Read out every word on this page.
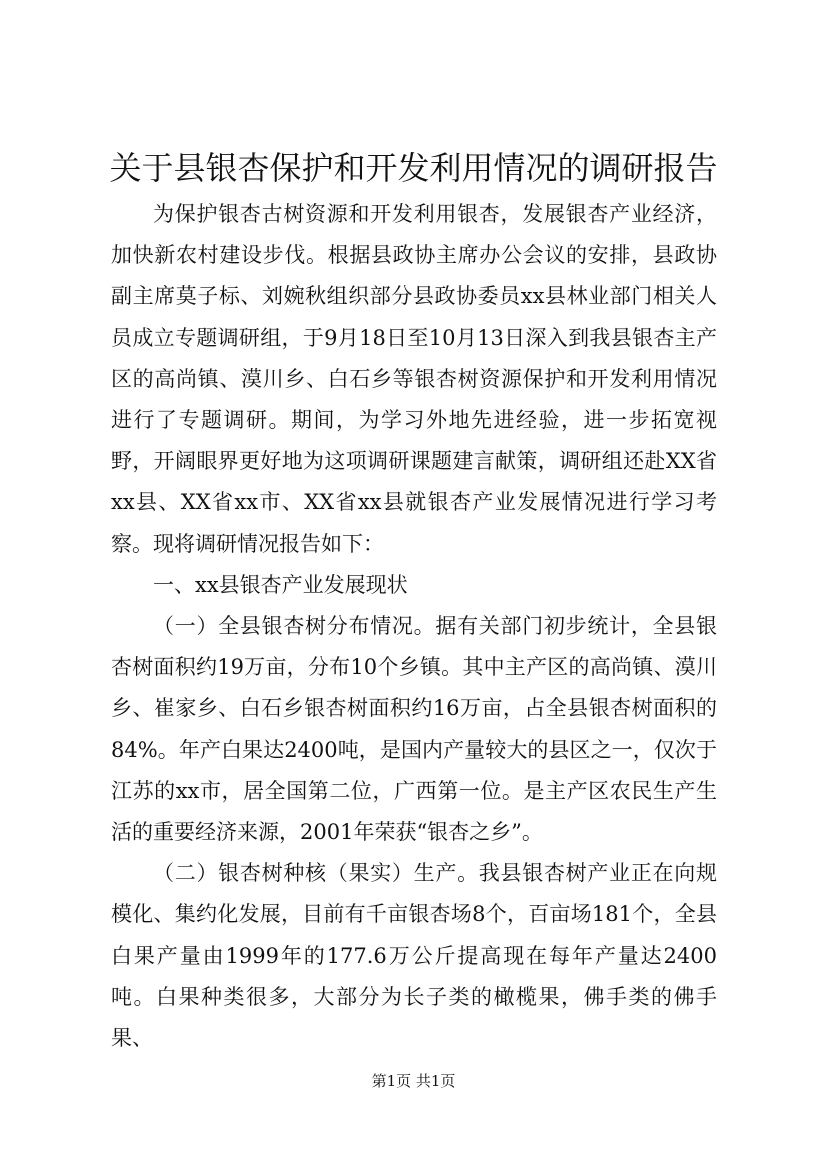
关于县银杏保护和开发利用情况的调研报告

为保护银杏古树资源和开发利用银杏，发展银杏产业经济，加快新农村建设步伐。根据县政协主席办公会议的安排，县政协副主席莫子标、刘婉秋组织部分县政协委员xx县林业部门相关人员成立专题调研组，于9月18日至10月13日深入到我县银杏主产区的高尚镇、漠川乡、白石乡等银杏树资源保护和开发利用情况进行了专题调研。期间，为学习外地先进经验，进一步拓宽视野，开阔眼界更好地为这项调研课题建言献策，调研组还赴XX省xx县、XX省xx市、XX省xx县就银杏产业发展情况进行学习考察。现将调研情况报告如下：

一、xx县银杏产业发展现状

（一）全县银杏树分布情况。据有关部门初步统计，全县银杏树面积约19万亩，分布10个乡镇。其中主产区的高尚镇、漠川乡、崔家乡、白石乡银杏树面积约16万亩，占全县银杏树面积的84%。年产白果达2400吨，是国内产量较大的县区之一，仅次于江苏的xx市，居全国第二位，广西第一位。是主产区农民生产生活的重要经济来源，2001年荣获“银杏之乡”。

（二）银杏树种核（果实）生产。我县银杏树产业正在向规模化、集约化发展，目前有千亩银杏场8个，百亩场181个，全县白果产量由1999年的177.6万公斤提高现在每年产量达2400吨。白果种类很多，大部分为长子类的橄榄果，佛手类的佛手果、

第1页 共1页
